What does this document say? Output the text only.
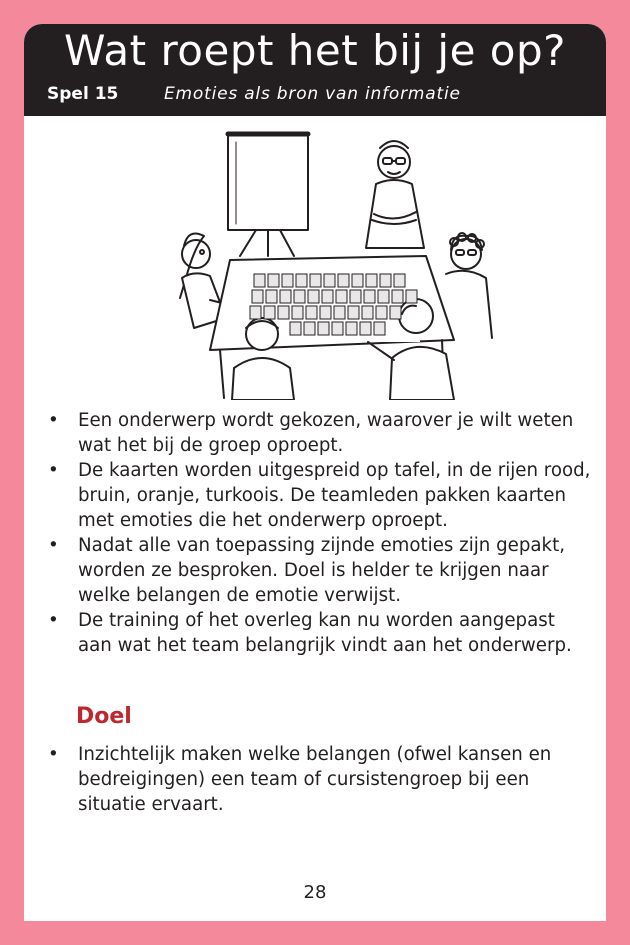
Wat roept het bij je op?
Spel 15	Emoties als bron van informatie
• Een onderwerp wordt gekozen, waarover je wilt weten wat het bij de groep oproept.
• De kaarten worden uitgespreid op tafel, in de rijen rood, bruin, oranje, turkoois. De teamleden pakken kaarten met emoties die het onderwerp oproept.
• Nadat alle van toepassing zijnde emoties zijn gepakt, worden ze besproken. Doel is helder te krijgen naar welke belangen de emotie verwijst.
• De training of het overleg kan nu worden aangepast aan wat het team belangrijk vindt aan het onderwerp.
Doel
• Inzichtelijk maken welke belangen (ofwel kansen en bedreigingen) een team of cursistengroep bij een situatie ervaart.
28
